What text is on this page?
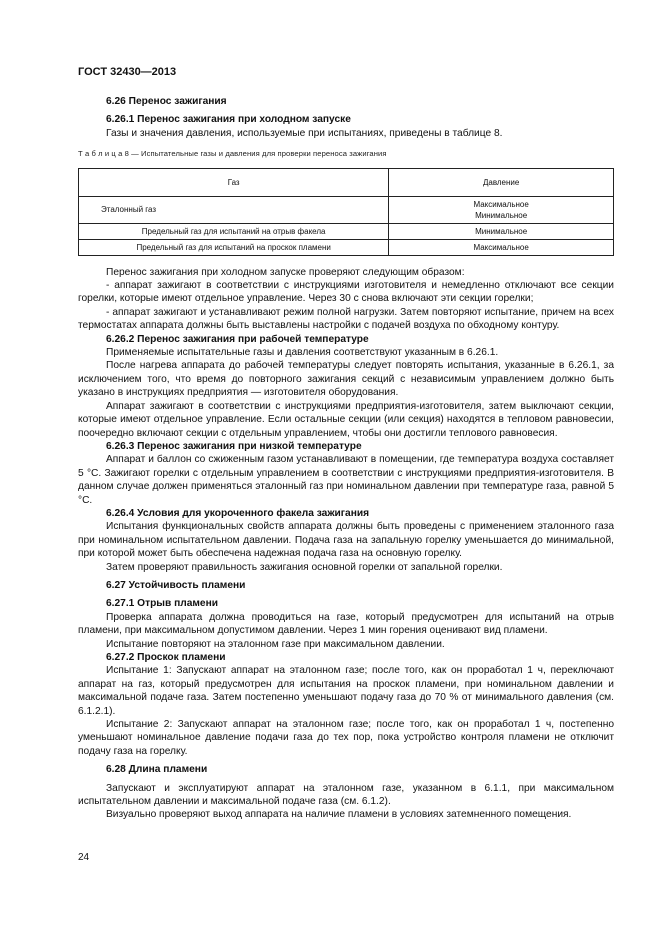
ГОСТ 32430—2013
6.26 Перенос зажигания
6.26.1 Перенос зажигания при холодном запуске

Газы и значения давления, используемые при испытаниях, приведены в таблице 8.

Т а б л и ц а 8 — Испытательные газы и давления для проверки переноса зажигания
Газ	Давление
Эталонный газ	Максимальное
Минимальное

Предельный газ для испытаний на отрыв факела	Минимальное
Предельный газ для испытаний на проскок пламени	Максимальное

Перенос зажигания при холодном запуске проверяют следующим образом:

- аппарат зажигают в соответствии с инструкциями изготовителя и немедленно отключают все секции горелки, которые имеют отдельное управление. Через 30 с снова включают эти секции горелки;

- аппарат зажигают и устанавливают режим полной нагрузки. Затем повторяют испытание, причем на всех термостатах аппарата должны быть выставлены настройки с подачей воздуха по обходному контуру.

6.26.2 Перенос зажигания при рабочей температуре

Применяемые испытательные газы и давления соответствуют указанным в 6.26.1.

После нагрева аппарата до рабочей температуры следует повторять испытания, указанные в 6.26.1, за исключением того, что время до повторного зажигания секций с независимым управлением должно быть указано в инструкциях предприятия — изготовителя оборудования.

Аппарат зажигают в соответствии с инструкциями предприятия-изготовителя, затем выключают секции, которые имеют отдельное управление. Если остальные секции (или секция) находятся в тепловом равновесии, поочередно включают секции с отдельным управлением, чтобы они достигли теплового равновесия.

6.26.3 Перенос зажигания при низкой температуре

Аппарат и баллон со сжиженным газом устанавливают в помещении, где температура воздуха составляет 5 °С. Зажигают горелки с отдельным управлением в соответствии с инструкциями предприятия-изготовителя. В данном случае должен применяться эталонный газ при номинальном давлении при температуре газа, равной 5 °С.

6.26.4 Условия для укороченного факела зажигания

Испытания функциональных свойств аппарата должны быть проведены с применением эталонного газа при номинальном испытательном давлении. Подача газа на запальную горелку уменьшается до минимальной, при которой может быть обеспечена надежная подача газа на основную горелку.

Затем проверяют правильность зажигания основной горелки от запальной горелки.

6.27 Устойчивость пламени
6.27.1 Отрыв пламени

Проверка аппарата должна проводиться на газе, который предусмотрен для испытаний на отрыв пламени, при максимальном допустимом давлении. Через 1 мин горения оценивают вид пламени.

Испытание повторяют на эталонном газе при максимальном давлении.

6.27.2 Проскок пламени

Испытание 1: Запускают аппарат на эталонном газе; после того, как он проработал 1 ч, переключают аппарат на газ, который предусмотрен для испытания на проскок пламени, при номинальном давлении и максимальной подаче газа. Затем постепенно уменьшают подачу газа до 70 % от минимального давления (см. 6.1.2.1).

Испытание 2: Запускают аппарат на эталонном газе; после того, как он проработал 1 ч, постепенно уменьшают номинальное давление подачи газа до тех пор, пока устройство контроля пламени не отключит подачу газа на горелку.

6.28 Длина пламени

Запускают и эксплуатируют аппарат на эталонном газе, указанном в 6.1.1, при максимальном испытательном давлении и максимальной подаче газа (см. 6.1.2).

Визуально проверяют выход аппарата на наличие пламени в условиях затемненного помещения.

24
